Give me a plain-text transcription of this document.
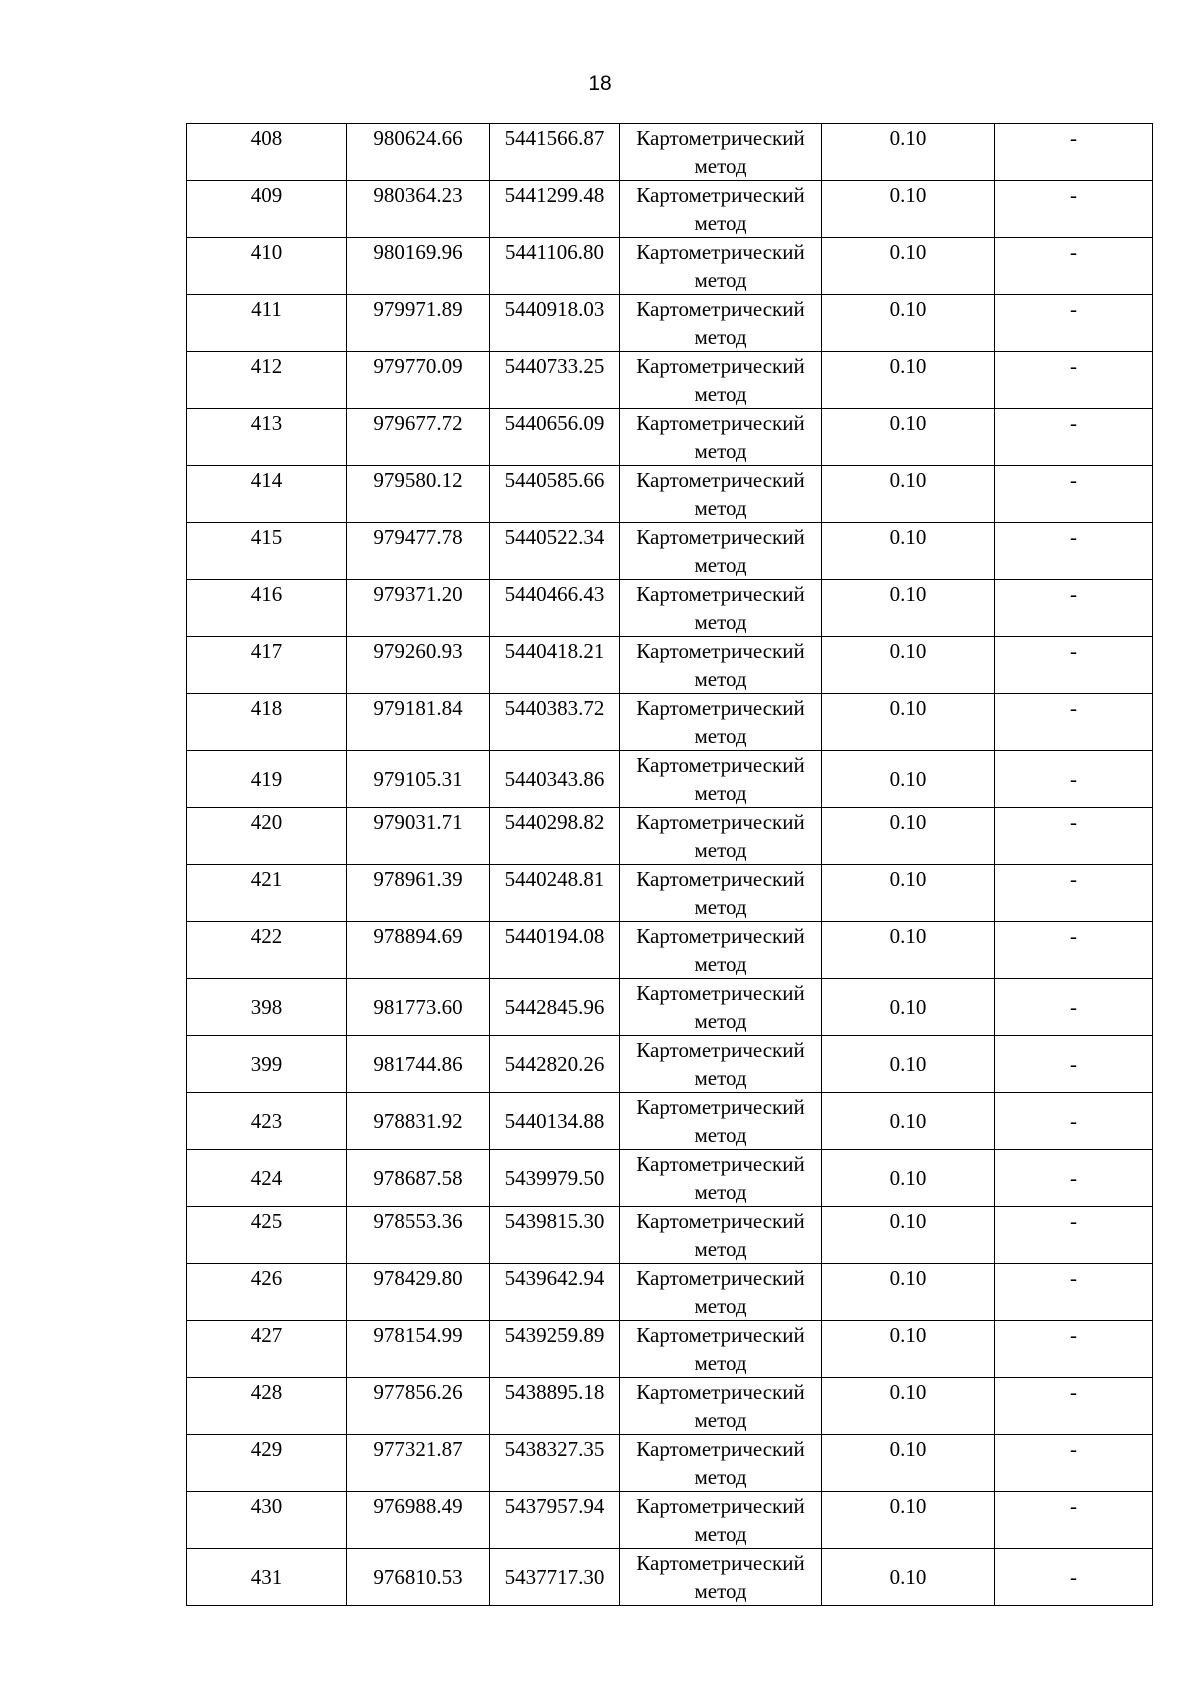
18
408	980624.66	5441566.87	Картометрический
метод	0.10	-
409	980364.23	5441299.48	Картометрический
метод	0.10	-
410	980169.96	5441106.80	Картометрический
метод	0.10	-
411	979971.89	5440918.03	Картометрический
метод	0.10	-
412	979770.09	5440733.25	Картометрический
метод	0.10	-
413	979677.72	5440656.09	Картометрический
метод	0.10	-
414	979580.12	5440585.66	Картометрический
метод	0.10	-
415	979477.78	5440522.34	Картометрический
метод	0.10	-
416	979371.20	5440466.43	Картометрический
метод	0.10	-
417	979260.93	5440418.21	Картометрический
метод	0.10	-
418	979181.84	5440383.72	Картометрический
метод	0.10	-
419	979105.31	5440343.86	Картометрический
метод	0.10	-
420	979031.71	5440298.82	Картометрический
метод	0.10	-
421	978961.39	5440248.81	Картометрический
метод	0.10	-
422	978894.69	5440194.08	Картометрический
метод	0.10	-
398	981773.60	5442845.96	Картометрический
метод	0.10	-
399	981744.86	5442820.26	Картометрический
метод	0.10	-
423	978831.92	5440134.88	Картометрический
метод	0.10	-
424	978687.58	5439979.50	Картометрический
метод	0.10	-
425	978553.36	5439815.30	Картометрический
метод	0.10	-
426	978429.80	5439642.94	Картометрический
метод	0.10	-
427	978154.99	5439259.89	Картометрический
метод	0.10	-
428	977856.26	5438895.18	Картометрический
метод	0.10	-
429	977321.87	5438327.35	Картометрический
метод	0.10	-
430	976988.49	5437957.94	Картометрический
метод	0.10	-
431	976810.53	5437717.30	Картометрический
метод	0.10	-
